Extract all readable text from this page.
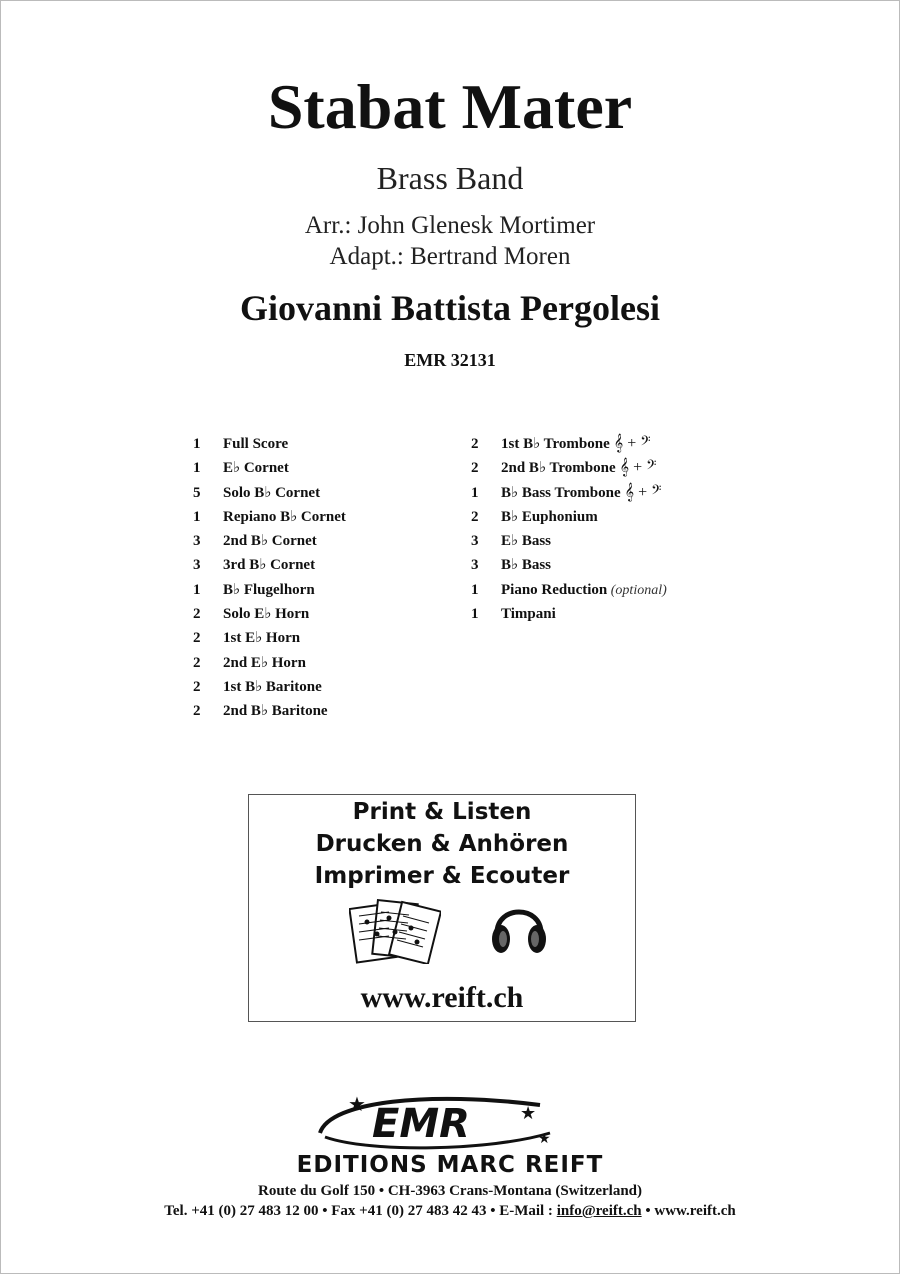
Stabat Mater
Brass Band
Arr.: John Glenesk Mortimer
Adapt.: Bertrand Moren
Giovanni Battista Pergolesi
EMR 32131
1	Full Score
1	E♭ Cornet
5	Solo B♭ Cornet
1	Repiano B♭ Cornet
3	2nd B♭ Cornet
3	3rd B♭ Cornet
1	B♭ Flugelhorn
2	Solo E♭ Horn
2	1st E♭ Horn
2	2nd E♭ Horn
2	1st B♭ Baritone
2	2nd B♭ Baritone
2	1st B♭ Trombone 𝄞 + 𝄢
2	2nd B♭ Trombone 𝄞 + 𝄢
1	B♭ Bass Trombone 𝄞 + 𝄢
2	B♭ Euphonium
3	E♭ Bass
3	B♭ Bass
1	Piano Reduction (optional)
1	Timpani
Print & Listen
Drucken & Anhören
Imprimer & Ecouter
www.reift.ch
EMR
★	★
★
EDITIONS MARC REIFT
Route du Golf 150 • CH-3963 Crans-Montana (Switzerland)
Tel. +41 (0) 27 483 12 00 • Fax +41 (0) 27 483 42 43 • E-Mail : info@reift.ch • www.reift.ch
